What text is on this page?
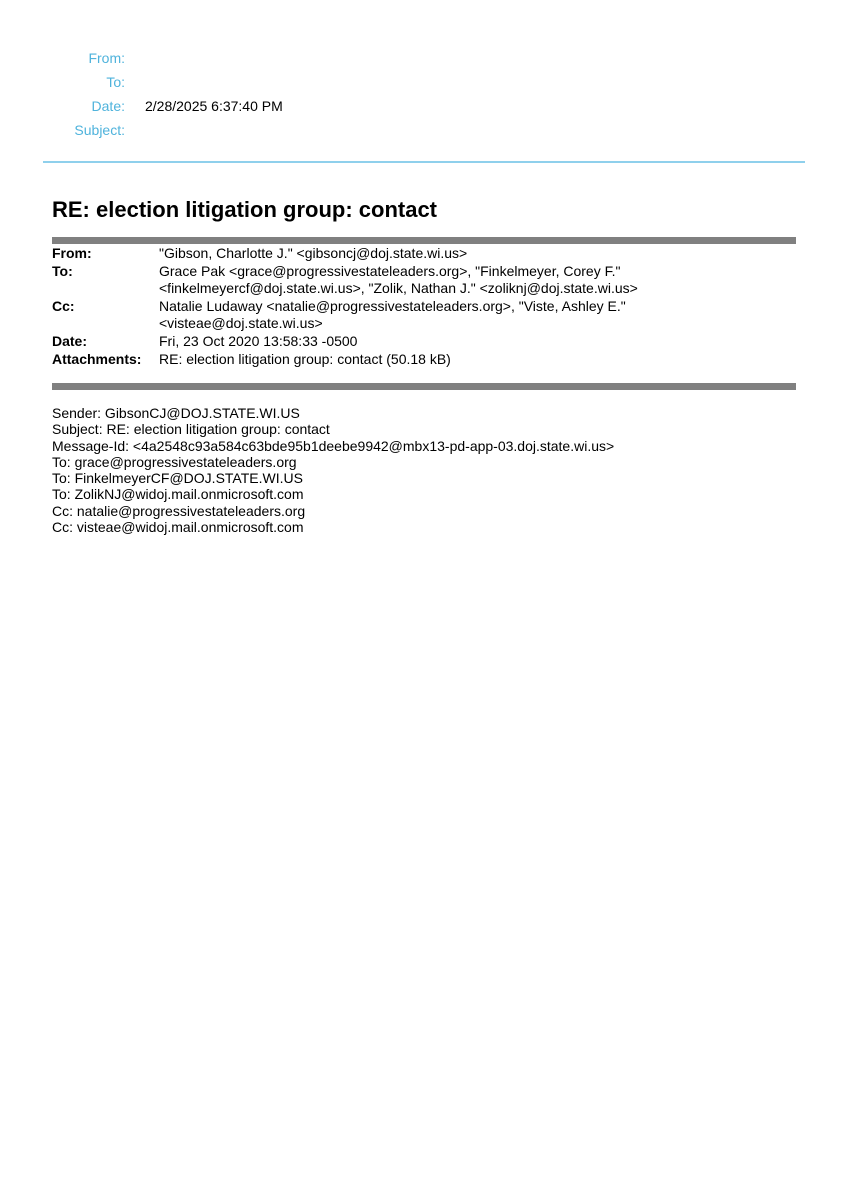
From:
To:
Date: 2/28/2025 6:37:40 PM
Subject:
RE: election litigation group: contact
From:	"Gibson, Charlotte J." <gibsoncj@doj.state.wi.us>
To:	Grace Pak <grace@progressivestateleaders.org>, "Finkelmeyer, Corey F."
<finkelmeyercf@doj.state.wi.us>, "Zolik, Nathan J." <zoliknj@doj.state.wi.us>
Cc:	Natalie Ludaway <natalie@progressivestateleaders.org>, "Viste, Ashley E."
<visteae@doj.state.wi.us>
Date:	Fri, 23 Oct 2020 13:58:33 -0500
Attachments: RE: election litigation group: contact (50.18 kB)
Sender: GibsonCJ@DOJ.STATE.WI.US
Subject: RE: election litigation group: contact
Message-Id: <4a2548c93a584c63bde95b1deebe9942@mbx13-pd-app-03.doj.state.wi.us>
To: grace@progressivestateleaders.org
To: FinkelmeyerCF@DOJ.STATE.WI.US
To: ZolikNJ@widoj.mail.onmicrosoft.com
Cc: natalie@progressivestateleaders.org
Cc: visteae@widoj.mail.onmicrosoft.com
